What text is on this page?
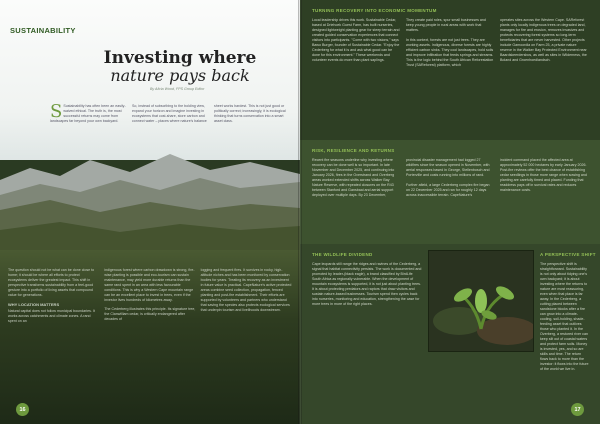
SUSTAINABILITY
Investing where
nature pays back
By Alicia Wood, FPS Group Editor
S Sustainability has often been an easily-waived ethical. The truth is, the most successful returns may come from landscapes far beyond your own backyard.
So, instead of subscribing to the bolding view, expand your horizon and imagine investing in ecosystems that cost-share, store carbon and connect water – places where nature's balance
sheet works hardest. This is not just good or politically correct; increasingly, it is ecological thinking that turns conservation into a smart asset class.
The question should not be what can be done close to home; it should be where all efforts to protect ecosystems deliver the greatest impact. This shift in perspective transforms sustainability from a feel-good gesture into a portfolio of living assets that compound value for generations.
WHY LOCATION MATTERS
Natural capital does not follow municipal boundaries. It works across catchments and climate zones. A rand spent on an
indigenous forest where carbon drawdown is strong, fire-wise planting is possible and eco-tourism can sustain maintenance, may yield more durable returns than the same rand spent in an area with less favourable conditions. This is why a Western Cape mountain range can be an excellent place to invest in trees, even if the investor lives hundreds of kilometres away.
The Cederberg illustrates this principle. Its signature tree, the Clanwilliam cedar, is critically endangered after decades of
logging and frequent fires. It survives in rocky, high-altitude niches and has been monitored by conservation bodies for years. Treating its recovery as an investment in future value is practical. CapeNature's active protected areas combine seed collection, propagation, fenced planting and post-fire establishment. Their efforts are supported by volunteers and partners who understand that saving the species also protects ecological services that underpin tourism and livelihoods downstream.
16
TURNING RECOVERY INTO ECONOMIC MOMENTUM
Local leadership drives this work. Sustainable Cedar, based at Driehoek Guest Farm, has built nurseries, designed lightweight planting gear for steep terrain and created guided conservation experiences that connect visitors into participants. "Come with two visions," says Bawo Burger, founder of Sustainable Cedar. "Enjoy the Cederberg for what it is and ask what good can be done for this environment." These weekends and volunteer events do more than plant saplings.
They create paid roles, spur small businesses and keep young people in rural areas with work that matters.

In this context, forests are not just trees. They are working assets. Indigenous, diverse forests are highly efficient carbon sinks. They cool landscapes, hold soils and improve infiltration that feeds springs and streams. This is the logic behind the South African Reforestation Trust (SAReforest) platform, which
operates sites across the Western Cape. SAReforest plants only locally indigenous trees on degraded land, manages for fire and erosion, removes invasives and protects recovering forest systems so long-term beneficiaries that are never harvested. Other projects include Gamoordia on Farm 25, a private nature reserve in the Walker Bay Protected Environment near Baardskeerdersbos, as well as sites in Wilderness, the Boland and Groenhoedlandsch.
RISK, RESILIENCE AND RETURNS
Recent fire seasons underline why investing where recovery can be done well is so important. In late November and December 2025, and continuing into January 2026, fires in the Overstrand and Overberg areas worked extended shifts across Walker Bay Nature Reserve, with repeated closures on the R43 between Stanford and Gansbaai and aerial support deployed over multiple days. By 23 December,
provincial disaster management had logged 27 wildfires since the season opened in November, with aerial responses based in George, Stellenbosch and Porterville and costs running into millions of rand.

Further afield, a large Cederberg complex fire began on 22 December 2025 and ran for roughly 12 days across inaccessible terrain. CapeNature's
incident command placed the affected area at approximately 52 000 hectares by early January 2026. Post-fire reviews offer the best chance of establishing cedar seedlings in those more range when sowing and planting are carefully timed and placed. Funding that readdress pays off in survival rates and reduces maintenance costs.
THE WILDLIFE DIVIDEND
Cape leopards still range the ridges and ravines of the Cederberg, a signal that habitat connectivity persists. The work is documented and promoted by leader-(black eagle), a brand classified by BirdLife South Africa as regionally vulnerable. When the development of mountain ecosystems is supported, it is not just about planting trees. It is about protecting predators and raptors that draw visitors and sustain nature-based businesses. Tourism spend then cycles back into nurseries, monitoring and education, strengthening the case for more trees in more of the right places.
A PERSPECTIVE SHIFT
The perspective shift is straightforward. Sustainability is not only about tidying one's own backyard; it is about investing where the returns to nature are most reassuring, even when that place is far away. In the Cederberg, a cutting placed between sandstone blocks after a fire can grow into a climate-cooling, soil-holding, shade-feeding asset that outlives those who planted it. In the Overberg, a restored river can keep silt out of coastal waters and protect farm soils. Money is invested, yes, and so are skills and time. The return flows back to more than the investor: it flows into the future of the world we live in.
17
